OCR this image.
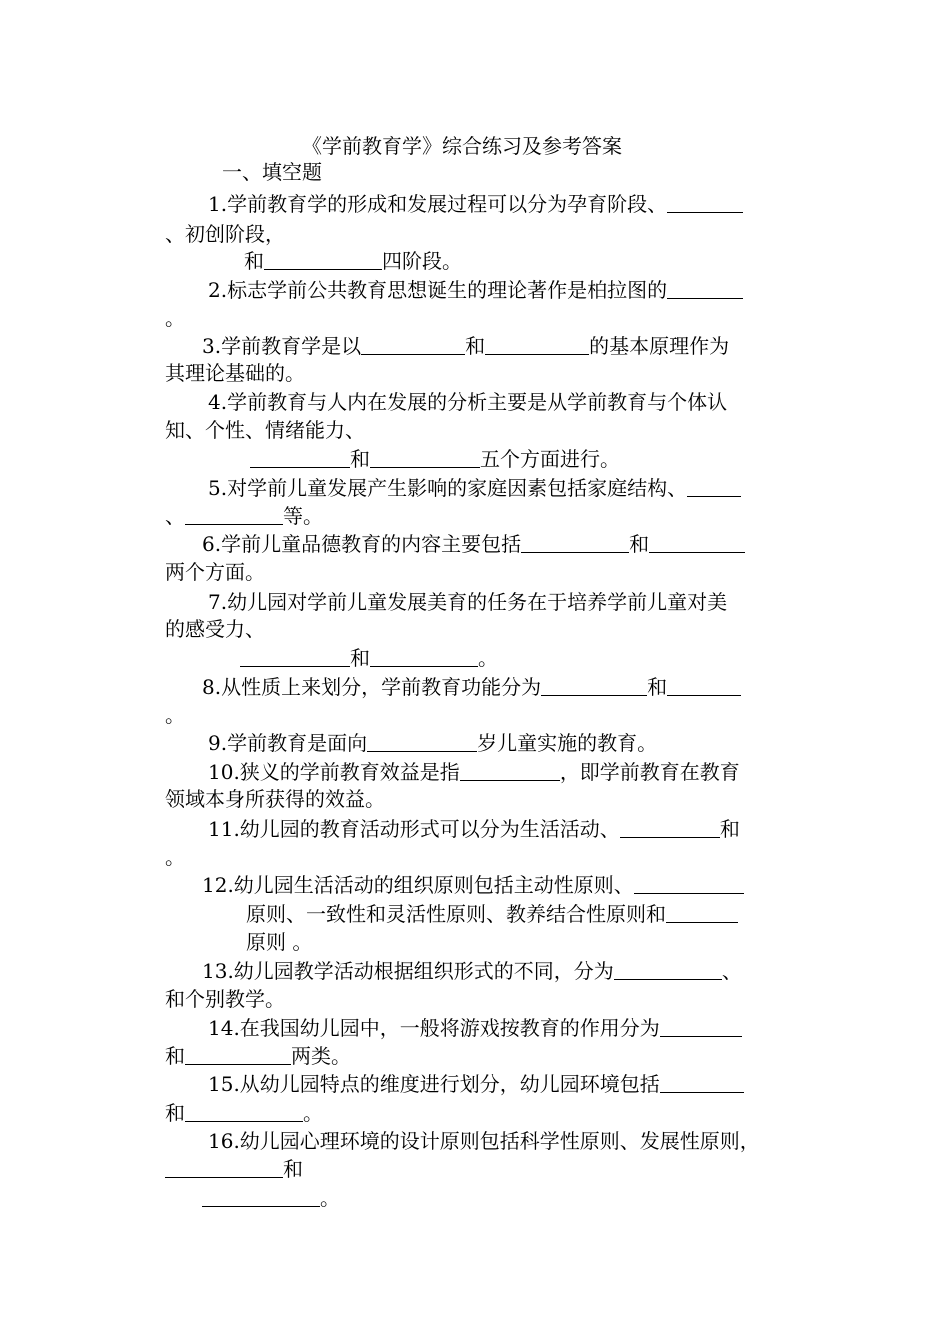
《学前教育学》综合练习及参考答案
一、填空题
1.学前教育学的形成和发展过程可以分为孕育阶段、
、初创阶段，
和	四阶段。
2.标志学前公共教育思想诞生的理论著作是柏拉图的
。
3.学前教育学是以	和	的基本原理作为
其理论基础的。
4.学前教育与人内在发展的分析主要是从学前教育与个体认
知、个性、情绪能力、
和	五个方面进行。
5.对学前儿童发展产生影响的家庭因素包括家庭结构、
、	等。
6.学前儿童品德教育的内容主要包括	和
两个方面。
7.幼儿园对学前儿童发展美育的任务在于培养学前儿童对美
的感受力、
和	。
8.从性质上来划分，学前教育功能分为	和
。
9.学前教育是面向	岁儿童实施的教育。
10.狭义的学前教育效益是指	，即学前教育在教育
领域本身所获得的效益。
11.幼儿园的教育活动形式可以分为生活活动、	和
。
12.幼儿园生活活动的组织原则包括主动性原则、
原则、一致性和灵活性原则、教养结合性原则和
原则 。
13.幼儿园教学活动根据组织形式的不同，分为	、
和个别教学。
14.在我国幼儿园中，一般将游戏按教育的作用分为
和	两类。
15.从幼儿园特点的维度进行划分，幼儿园环境包括
和	。
16.幼儿园心理环境的设计原则包括科学性原则、发展性原则，
和
。
